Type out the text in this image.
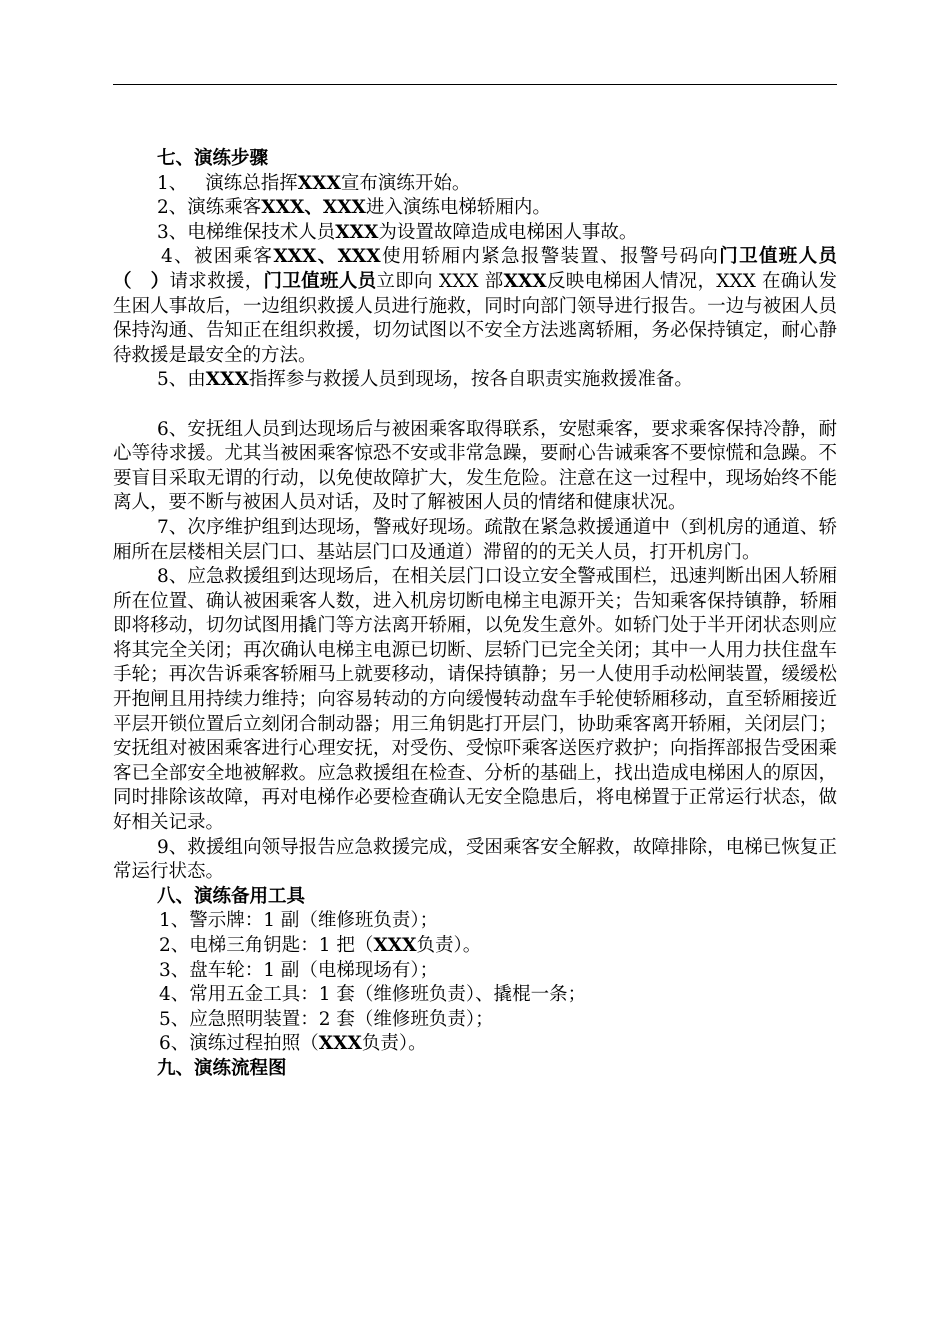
七、演练步骤

1、 演练总指挥XXX宣布演练开始。

2、演练乘客XXX、XXX进入演练电梯轿厢内。

3、电梯维保技术人员XXX为设置故障造成电梯困人事故。

4、被困乘客XXX、XXX使用轿厢内紧急报警装置、报警号码向门卫值班人员（　）请求救援，门卫值班人员立即向 XXX 部XXX反映电梯困人情况，XXX 在确认发生困人事故后，一边组织救援人员进行施救，同时向部门领导进行报告。一边与被困人员保持沟通、告知正在组织救援，切勿试图以不安全方法逃离轿厢，务必保持镇定，耐心静待救援是最安全的方法。

5、由XXX指挥参与救援人员到现场，按各自职责实施救援准备。

6、安抚组人员到达现场后与被困乘客取得联系，安慰乘客，要求乘客保持冷静，耐心等待求援。尤其当被困乘客惊恐不安或非常急躁，要耐心告诫乘客不要惊慌和急躁。不要盲目采取无谓的行动，以免使故障扩大，发生危险。注意在这一过程中，现场始终不能离人，要不断与被困人员对话，及时了解被困人员的情绪和健康状况。

7、次序维护组到达现场，警戒好现场。疏散在紧急救援通道中（到机房的通道、轿厢所在层楼相关层门口、基站层门口及通道）滞留的的无关人员，打开机房门。

8、应急救援组到达现场后，在相关层门口设立安全警戒围栏，迅速判断出困人轿厢所在位置、确认被困乘客人数，进入机房切断电梯主电源开关；告知乘客保持镇静，轿厢即将移动，切勿试图用撬门等方法离开轿厢，以免发生意外。如轿门处于半开闭状态则应将其完全关闭；再次确认电梯主电源已切断、层轿门已完全关闭；其中一人用力扶住盘车手轮；再次告诉乘客轿厢马上就要移动，请保持镇静；另一人使用手动松闸装置，缓缓松开抱闸且用持续力维持；向容易转动的方向缓慢转动盘车手轮使轿厢移动，直至轿厢接近平层开锁位置后立刻闭合制动器；用三角钥匙打开层门，协助乘客离开轿厢，关闭层门；安抚组对被困乘客进行心理安抚，对受伤、受惊吓乘客送医疗救护；向指挥部报告受困乘客已全部安全地被解救。应急救援组在检查、分析的基础上，找出造成电梯困人的原因，同时排除该故障，再对电梯作必要检查确认无安全隐患后，将电梯置于正常运行状态，做好相关记录。

9、救援组向领导报告应急救援完成，受困乘客安全解救，故障排除，电梯已恢复正常运行状态。

八、演练备用工具

1、警示牌：1 副（维修班负责）；

2、电梯三角钥匙：1 把（XXX负责）。

3、盘车轮：1 副（电梯现场有）；

4、常用五金工具：1 套（维修班负责）、撬棍一条；

5、应急照明装置：2 套（维修班负责）；

6、演练过程拍照（XXX负责）。

九、演练流程图
